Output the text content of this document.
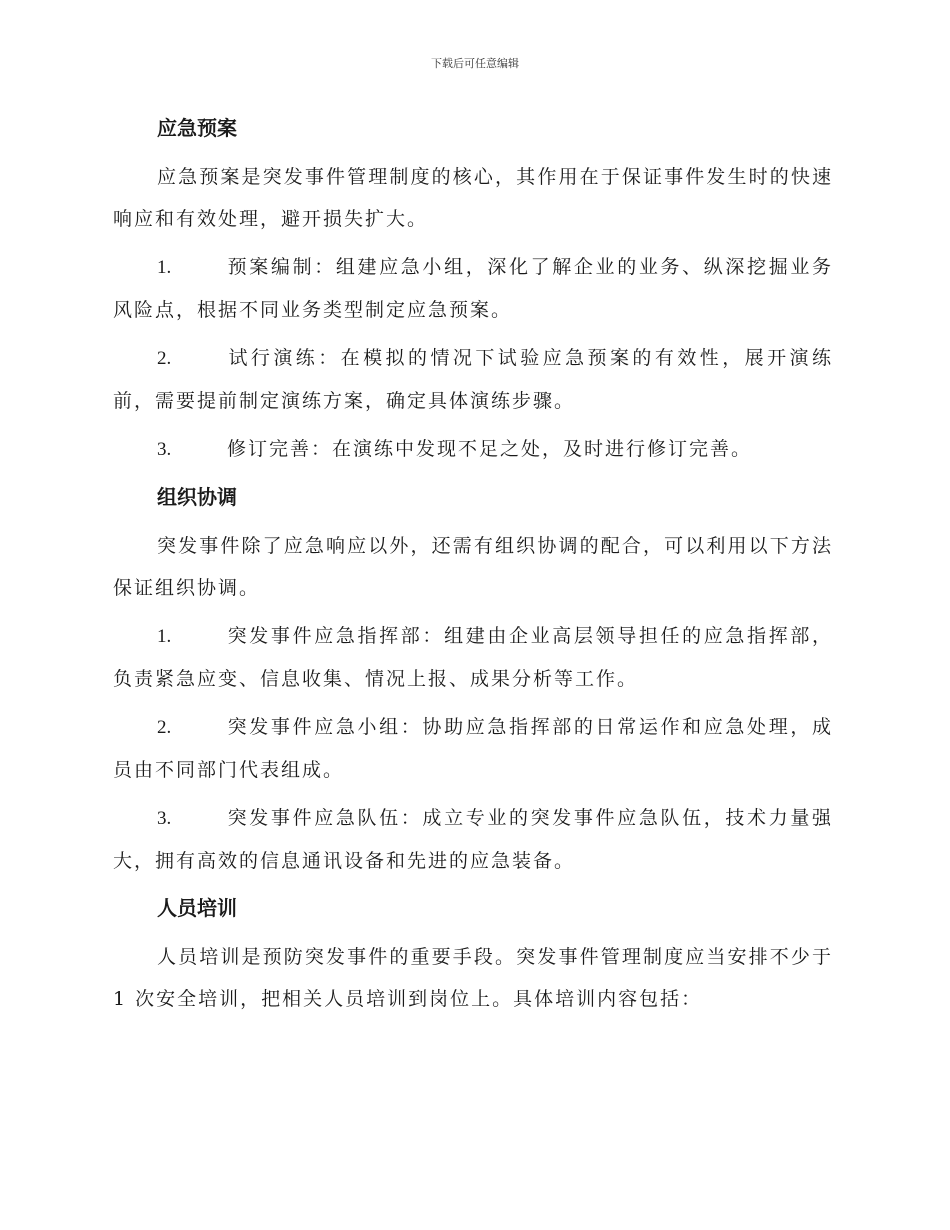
下载后可任意编辑
应急预案

应急预案是突发事件管理制度的核心，其作用在于保证事件发生时的快速响应和有效处理，避开损失扩大。

1.	预案编制：组建应急小组，深化了解企业的业务、纵深挖掘业务风险点，根据不同业务类型制定应急预案。

2.	试行演练：在模拟的情况下试验应急预案的有效性，展开演练前，需要提前制定演练方案，确定具体演练步骤。

3.	修订完善：在演练中发现不足之处，及时进行修订完善。

组织协调

突发事件除了应急响应以外，还需有组织协调的配合，可以利用以下方法保证组织协调。

1.	突发事件应急指挥部：组建由企业高层领导担任的应急指挥部，负责紧急应变、信息收集、情况上报、成果分析等工作。

2.	突发事件应急小组：协助应急指挥部的日常运作和应急处理，成员由不同部门代表组成。

3.	突发事件应急队伍：成立专业的突发事件应急队伍，技术力量强大，拥有高效的信息通讯设备和先进的应急装备。

人员培训

人员培训是预防突发事件的重要手段。突发事件管理制度应当安排不少于 1 次安全培训，把相关人员培训到岗位上。具体培训内容包括：
